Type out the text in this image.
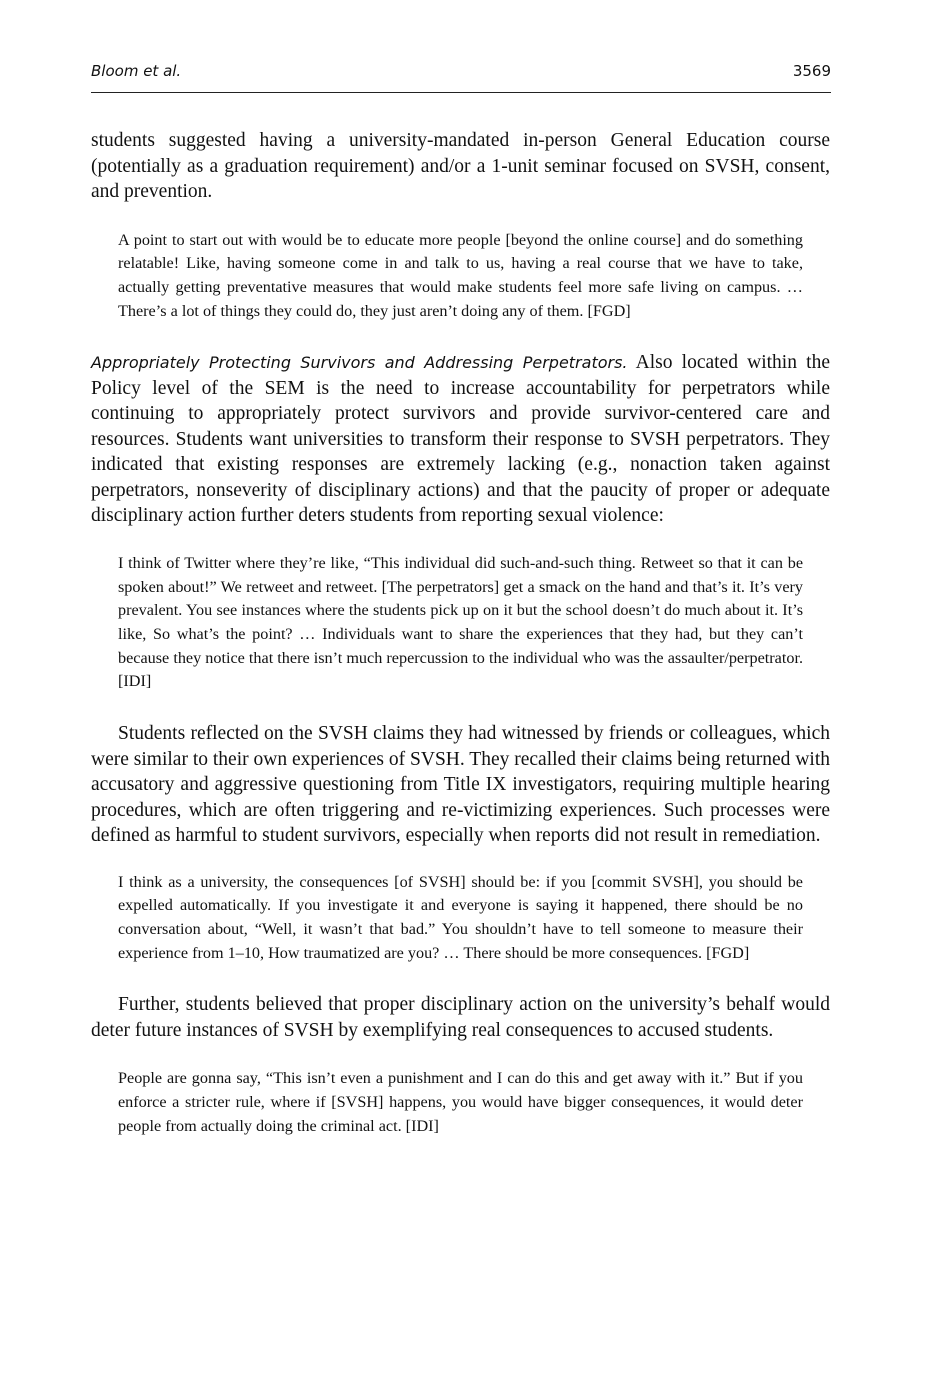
Bloom et al.	3569

students suggested having a university-mandated in-person General Education course (potentially as a graduation requirement) and/or a 1-unit seminar focused on SVSH, consent, and prevention.

A point to start out with would be to educate more people [beyond the online course] and do something relatable! Like, having someone come in and talk to us, having a real course that we have to take, actually getting preventative measures that would make students feel more safe living on campus. … There’s a lot of things they could do, they just aren’t doing any of them. [FGD]

Appropriately Protecting Survivors and Addressing Perpetrators. Also located within the Policy level of the SEM is the need to increase accountability for perpetrators while continuing to appropriately protect survivors and provide survivor-centered care and resources. Students want universities to transform their response to SVSH perpetrators. They indicated that existing responses are extremely lacking (e.g., nonaction taken against perpetrators, nonseverity of disciplinary actions) and that the paucity of proper or adequate disciplinary action further deters students from reporting sexual violence:

I think of Twitter where they’re like, “This individual did such-and-such thing. Retweet so that it can be spoken about!” We retweet and retweet. [The perpetrators] get a smack on the hand and that’s it. It’s very prevalent. You see instances where the students pick up on it but the school doesn’t do much about it. It’s like, So what’s the point? … Individuals want to share the experiences that they had, but they can’t because they notice that there isn’t much repercussion to the individual who was the assaulter/perpetrator. [IDI]

Students reflected on the SVSH claims they had witnessed by friends or colleagues, which were similar to their own experiences of SVSH. They recalled their claims being returned with accusatory and aggressive questioning from Title IX investigators, requiring multiple hearing procedures, which are often triggering and re-victimizing experiences. Such processes were defined as harmful to student survivors, especially when reports did not result in remediation.

I think as a university, the consequences [of SVSH] should be: if you [commit SVSH], you should be expelled automatically. If you investigate it and everyone is saying it happened, there should be no conversation about, “Well, it wasn’t that bad.” You shouldn’t have to tell someone to measure their experience from 1–10, How traumatized are you? … There should be more consequences. [FGD]

Further, students believed that proper disciplinary action on the university’s behalf would deter future instances of SVSH by exemplifying real consequences to accused students.

People are gonna say, “This isn’t even a punishment and I can do this and get away with it.” But if you enforce a stricter rule, where if [SVSH] happens, you would have bigger consequences, it would deter people from actually doing the criminal act. [IDI]
